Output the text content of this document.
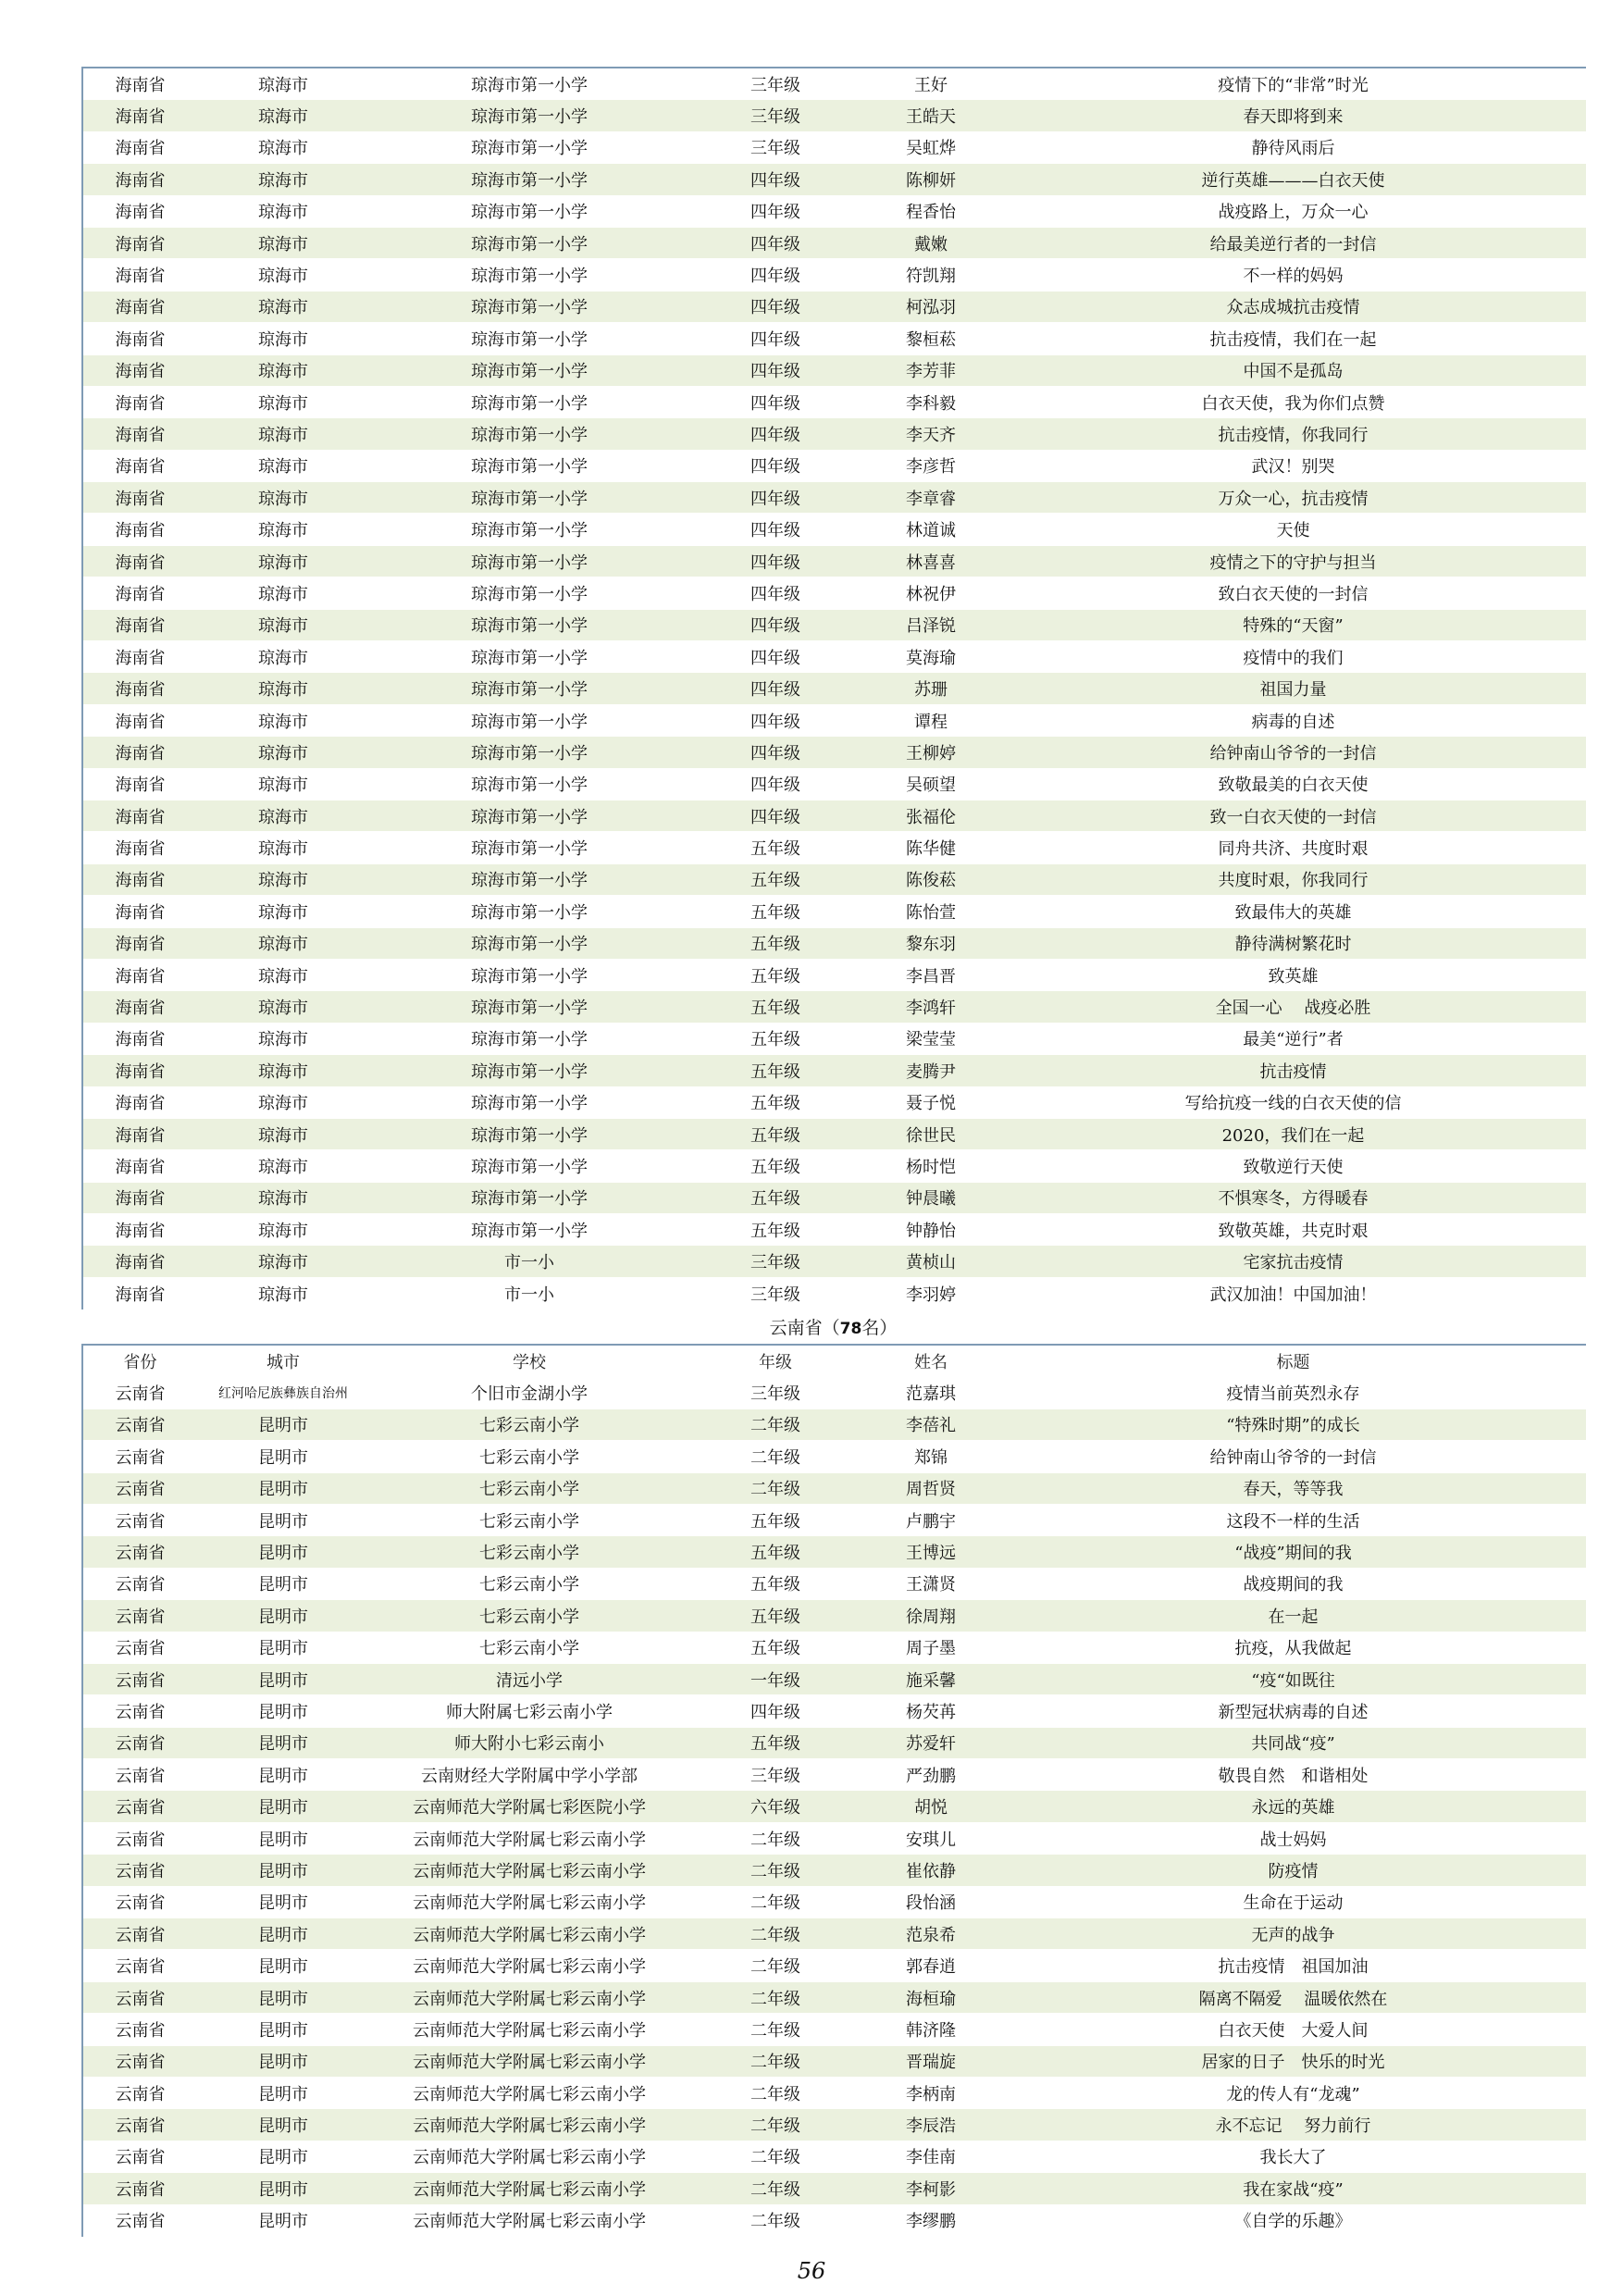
海南省	琼海市	琼海市第一小学	三年级	王好	疫情下的“非常”时光
海南省	琼海市	琼海市第一小学	三年级	王皓天	春天即将到来
海南省	琼海市	琼海市第一小学	三年级	吴虹烨	静待风雨后
海南省	琼海市	琼海市第一小学	四年级	陈柳妍	逆行英雄———白衣天使
海南省	琼海市	琼海市第一小学	四年级	程香怡	战疫路上，万众一心
海南省	琼海市	琼海市第一小学	四年级	戴嫩	给最美逆行者的一封信
海南省	琼海市	琼海市第一小学	四年级	符凯翔	不一样的妈妈
海南省	琼海市	琼海市第一小学	四年级	柯泓羽	众志成城抗击疫情
海南省	琼海市	琼海市第一小学	四年级	黎桓菘	抗击疫情，我们在一起
海南省	琼海市	琼海市第一小学	四年级	李芳菲	中国不是孤岛
海南省	琼海市	琼海市第一小学	四年级	李科毅	白衣天使，我为你们点赞
海南省	琼海市	琼海市第一小学	四年级	李天齐	抗击疫情，你我同行
海南省	琼海市	琼海市第一小学	四年级	李彦哲	武汉！别哭
海南省	琼海市	琼海市第一小学	四年级	李章睿	万众一心，抗击疫情
海南省	琼海市	琼海市第一小学	四年级	林道诚	天使
海南省	琼海市	琼海市第一小学	四年级	林喜喜	疫情之下的守护与担当
海南省	琼海市	琼海市第一小学	四年级	林祝伊	致白衣天使的一封信
海南省	琼海市	琼海市第一小学	四年级	吕泽锐	特殊的“天窗”
海南省	琼海市	琼海市第一小学	四年级	莫海瑜	疫情中的我们
海南省	琼海市	琼海市第一小学	四年级	苏珊	祖国力量
海南省	琼海市	琼海市第一小学	四年级	谭程	病毒的自述
海南省	琼海市	琼海市第一小学	四年级	王柳婷	给钟南山爷爷的一封信
海南省	琼海市	琼海市第一小学	四年级	吴硕望	致敬最美的白衣天使
海南省	琼海市	琼海市第一小学	四年级	张福伦	致一白衣天使的一封信
海南省	琼海市	琼海市第一小学	五年级	陈华健	同舟共济、共度时艰
海南省	琼海市	琼海市第一小学	五年级	陈俊菘	共度时艰，你我同行
海南省	琼海市	琼海市第一小学	五年级	陈怡萱	致最伟大的英雄
海南省	琼海市	琼海市第一小学	五年级	黎东羽	静待满树繁花时
海南省	琼海市	琼海市第一小学	五年级	李昌晋	致英雄
海南省	琼海市	琼海市第一小学	五年级	李鸿轩	全国一心　 战疫必胜
海南省	琼海市	琼海市第一小学	五年级	梁莹莹	最美“逆行”者
海南省	琼海市	琼海市第一小学	五年级	麦腾尹	抗击疫情
海南省	琼海市	琼海市第一小学	五年级	聂子悦	写给抗疫一线的白衣天使的信
海南省	琼海市	琼海市第一小学	五年级	徐世民	2020，我们在一起
海南省	琼海市	琼海市第一小学	五年级	杨时恺	致敬逆行天使
海南省	琼海市	琼海市第一小学	五年级	钟晨曦	不惧寒冬，方得暖春
海南省	琼海市	琼海市第一小学	五年级	钟静怡	致敬英雄，共克时艰
海南省	琼海市	市一小	三年级	黄桢山	宅家抗击疫情
海南省	琼海市	市一小	三年级	李羽婷	武汉加油！中国加油！
云南省（78名）
省份	城市	学校	年级	姓名	标题
云南省	红河哈尼族彝族自治州	个旧市金湖小学	三年级	范嘉琪	疫情当前英烈永存
云南省	昆明市	七彩云南小学	二年级	李蓓礼	“特殊时期”的成长
云南省	昆明市	七彩云南小学	二年级	郑锦	给钟南山爷爷的一封信
云南省	昆明市	七彩云南小学	二年级	周哲贤	春天，等等我
云南省	昆明市	七彩云南小学	五年级	卢鹏宇	这段不一样的生活
云南省	昆明市	七彩云南小学	五年级	王博远	“战疫”期间的我
云南省	昆明市	七彩云南小学	五年级	王潇贤	战疫期间的我
云南省	昆明市	七彩云南小学	五年级	徐周翔	在一起
云南省	昆明市	七彩云南小学	五年级	周子墨	抗疫，从我做起
云南省	昆明市	清远小学	一年级	施采馨	“疫“如既往
云南省	昆明市	师大附属七彩云南小学	四年级	杨芡苒	新型冠状病毒的自述
云南省	昆明市	师大附小七彩云南小	五年级	苏爱轩	共同战“疫”
云南省	昆明市	云南财经大学附属中学小学部	三年级	严劲鹏	敬畏自然　和谐相处
云南省	昆明市	云南师范大学附属七彩医院小学	六年级	胡悦	永远的英雄
云南省	昆明市	云南师范大学附属七彩云南小学	二年级	安琪儿	战士妈妈
云南省	昆明市	云南师范大学附属七彩云南小学	二年级	崔依静	防疫情
云南省	昆明市	云南师范大学附属七彩云南小学	二年级	段怡涵	生命在于运动
云南省	昆明市	云南师范大学附属七彩云南小学	二年级	范泉希	无声的战争
云南省	昆明市	云南师范大学附属七彩云南小学	二年级	郭春逍	抗击疫情　祖国加油
云南省	昆明市	云南师范大学附属七彩云南小学	二年级	海桓瑜	隔离不隔爱　 温暖依然在
云南省	昆明市	云南师范大学附属七彩云南小学	二年级	韩济隆	白衣天使　大爱人间
云南省	昆明市	云南师范大学附属七彩云南小学	二年级	晋瑞旋	居家的日子　快乐的时光
云南省	昆明市	云南师范大学附属七彩云南小学	二年级	李柄南	龙的传人有“龙魂”
云南省	昆明市	云南师范大学附属七彩云南小学	二年级	李辰浩	永不忘记　 努力前行
云南省	昆明市	云南师范大学附属七彩云南小学	二年级	李佳南	我长大了
云南省	昆明市	云南师范大学附属七彩云南小学	二年级	李柯影	我在家战“疫”
云南省	昆明市	云南师范大学附属七彩云南小学	二年级	李缪鹏	《自学的乐趣》
56
